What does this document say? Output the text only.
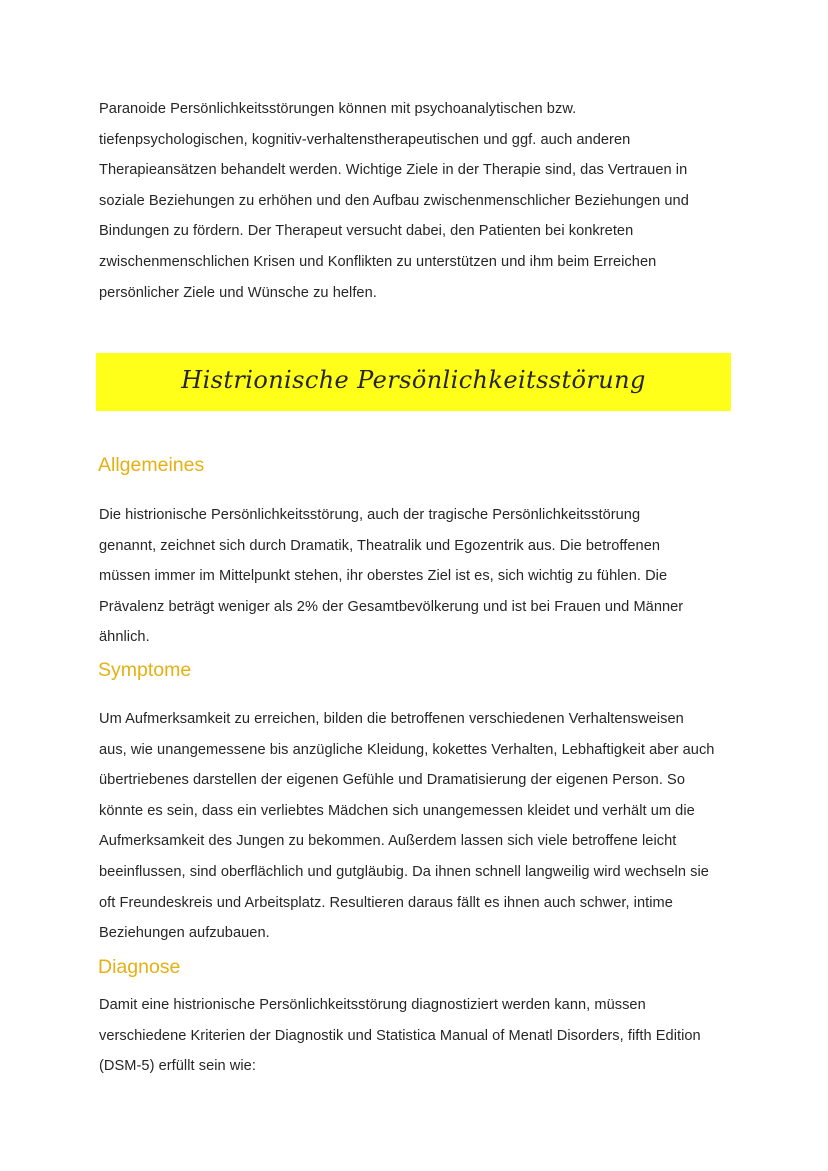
Paranoide Persönlichkeitsstörungen können mit psychoanalytischen bzw.
tiefenpsychologischen, kognitiv-verhaltenstherapeutischen und ggf. auch anderen
Therapieansätzen behandelt werden. Wichtige Ziele in der Therapie sind, das Vertrauen in
soziale Beziehungen zu erhöhen und den Aufbau zwischenmenschlicher Beziehungen und
Bindungen zu fördern. Der Therapeut versucht dabei, den Patienten bei konkreten
zwischenmenschlichen Krisen und Konflikten zu unterstützen und ihm beim Erreichen
persönlicher Ziele und Wünsche zu helfen.

Histrionische Persönlichkeitsstörung
Allgemeines

Die histrionische Persönlichkeitsstörung, auch der tragische Persönlichkeitsstörung
genannt, zeichnet sich durch Dramatik, Theatralik und Egozentrik aus. Die betroffenen
müssen immer im Mittelpunkt stehen, ihr oberstes Ziel ist es, sich wichtig zu fühlen. Die
Prävalenz beträgt weniger als 2% der Gesamtbevölkerung und ist bei Frauen und Männer
ähnlich.

Symptome

Um Aufmerksamkeit zu erreichen, bilden die betroffenen verschiedenen Verhaltensweisen
aus, wie unangemessene bis anzügliche Kleidung, kokettes Verhalten, Lebhaftigkeit aber auch
übertriebenes darstellen der eigenen Gefühle und Dramatisierung der eigenen Person. So
könnte es sein, dass ein verliebtes Mädchen sich unangemessen kleidet und verhält um die
Aufmerksamkeit des Jungen zu bekommen. Außerdem lassen sich viele betroffene leicht
beeinflussen, sind oberflächlich und gutgläubig. Da ihnen schnell langweilig wird wechseln sie
oft Freundeskreis und Arbeitsplatz. Resultieren daraus fällt es ihnen auch schwer, intime
Beziehungen aufzubauen.

Diagnose

Damit eine histrionische Persönlichkeitsstörung diagnostiziert werden kann, müssen
verschiedene Kriterien der Diagnostik und Statistica Manual of Menatl Disorders, fifth Edition
(DSM-5) erfüllt sein wie:
